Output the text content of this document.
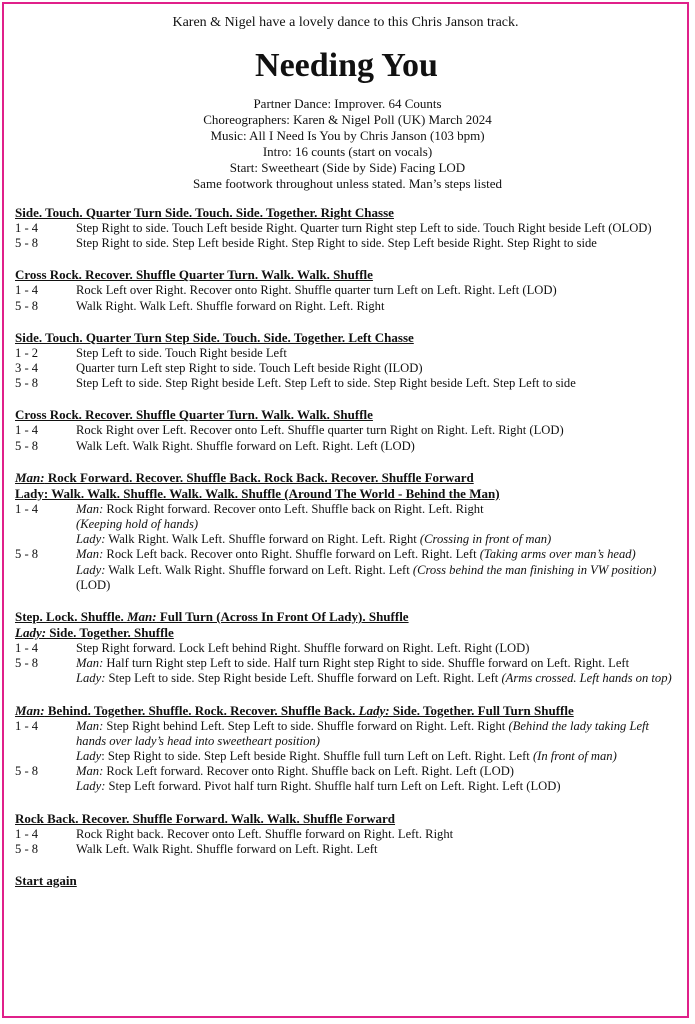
Karen & Nigel have a lovely dance to this Chris Janson track.
Needing You
Partner Dance: Improver. 64 Counts
Choreographers: Karen & Nigel Poll (UK) March 2024
Music: All I Need Is You by Chris Janson (103 bpm)
Intro: 16 counts (start on vocals)
Start: Sweetheart (Side by Side) Facing LOD
Same footwork throughout unless stated. Man’s steps listed
Side. Touch. Quarter Turn Side. Touch. Side. Together. Right Chasse
1 - 4	Step Right to side. Touch Left beside Right. Quarter turn Right step Left to side. Touch Right beside Left (OLOD)
5 - 8	Step Right to side. Step Left beside Right. Step Right to side. Step Left beside Right. Step Right to side
Cross Rock. Recover. Shuffle Quarter Turn. Walk. Walk. Shuffle
1 - 4	Rock Left over Right. Recover onto Right. Shuffle quarter turn Left on Left. Right. Left (LOD)
5 - 8	Walk Right. Walk Left. Shuffle forward on Right. Left. Right
Side. Touch. Quarter Turn Step Side. Touch. Side. Together. Left Chasse
1 - 2	Step Left to side. Touch Right beside Left
3 - 4	Quarter turn Left step Right to side. Touch Left beside Right (ILOD)
5 - 8	Step Left to side. Step Right beside Left. Step Left to side. Step Right beside Left. Step Left to side
Cross Rock. Recover. Shuffle Quarter Turn. Walk. Walk. Shuffle
1 - 4	Rock Right over Left. Recover onto Left. Shuffle quarter turn Right on Right. Left. Right (LOD)
5 - 8	Walk Left. Walk Right. Shuffle forward on Left. Right. Left (LOD)
Man: Rock Forward. Recover. Shuffle Back. Rock Back. Recover. Shuffle Forward
Lady: Walk. Walk. Shuffle. Walk. Walk. Shuffle (Around The World - Behind the Man)
1 - 4	Man: Rock Right forward. Recover onto Left. Shuffle back on Right. Left. Right
(Keeping hold of hands)
Lady: Walk Right. Walk Left. Shuffle forward on Right. Left. Right (Crossing in front of man)
5 - 8	Man: Rock Left back. Recover onto Right. Shuffle forward on Left. Right. Left (Taking arms over man’s head)
Lady: Walk Left. Walk Right. Shuffle forward on Left. Right. Left (Cross behind the man finishing in VW position) (LOD)
Step. Lock. Shuffle. Man: Full Turn (Across In Front Of Lady). Shuffle
Lady: Side. Together. Shuffle
1 - 4	Step Right forward. Lock Left behind Right. Shuffle forward on Right. Left. Right (LOD)
5 - 8	Man: Half turn Right step Left to side. Half turn Right step Right to side. Shuffle forward on Left. Right. Left
Lady: Step Left to side. Step Right beside Left. Shuffle forward on Left. Right. Left (Arms crossed. Left hands on top)
Man: Behind. Together. Shuffle. Rock. Recover. Shuffle Back. Lady: Side. Together. Full Turn Shuffle
1 - 4	Man: Step Right behind Left. Step Left to side. Shuffle forward on Right. Left. Right (Behind the lady taking Left hands over lady’s head into sweetheart position)
Lady: Step Right to side. Step Left beside Right. Shuffle full turn Left on Left. Right. Left (In front of man)
5 - 8	Man: Rock Left forward. Recover onto Right. Shuffle back on Left. Right. Left (LOD)
Lady: Step Left forward. Pivot half turn Right. Shuffle half turn Left on Left. Right. Left (LOD)
Rock Back. Recover. Shuffle Forward. Walk. Walk. Shuffle Forward
1 - 4	Rock Right back. Recover onto Left. Shuffle forward on Right. Left. Right
5 - 8	Walk Left. Walk Right. Shuffle forward on Left. Right. Left
Start again
